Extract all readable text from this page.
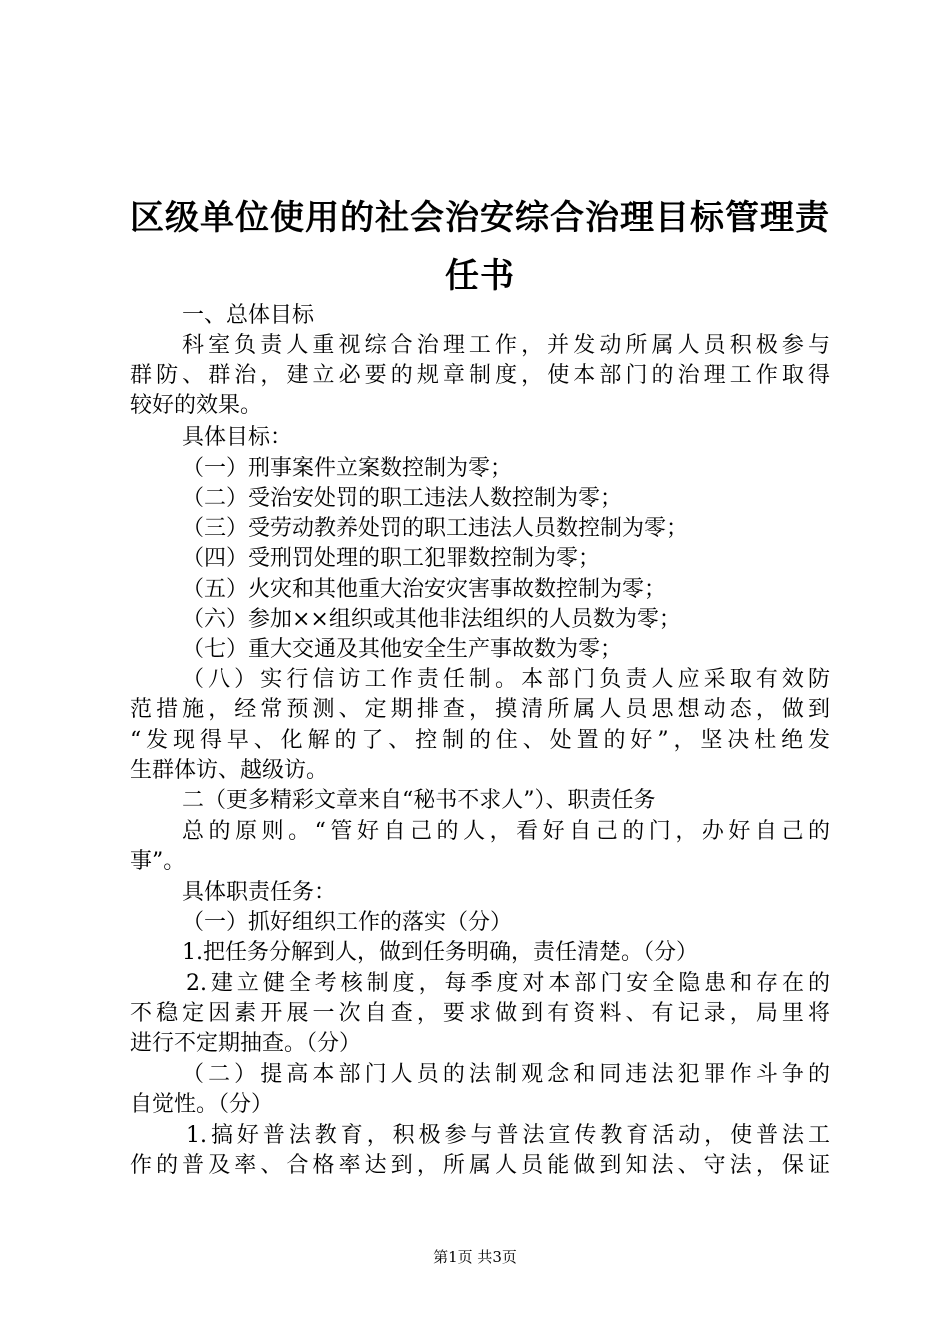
区级单位使用的社会治安综合治理目标管理责
任书

一、总体目标

科室负责人重视综合治理工作，并发动所属人员积极参与

群防、群治，建立必要的规章制度，使本部门的治理工作取得

较好的效果。

具体目标：

（一）刑事案件立案数控制为零；

（二）受治安处罚的职工违法人数控制为零；

（三）受劳动教养处罚的职工违法人员数控制为零；

（四）受刑罚处理的职工犯罪数控制为零；

（五）火灾和其他重大治安灾害事故数控制为零；

（六）参加××组织或其他非法组织的人员数为零；

（七）重大交通及其他安全生产事故数为零；

（八）实行信访工作责任制。本部门负责人应采取有效防

范措施，经常预测、定期排查，摸清所属人员思想动态，做到

“发现得早、化解的了、控制的住、处置的好”，坚决杜绝发

生群体访、越级访。

二（更多精彩文章来自“秘书不求人”）、职责任务

总的原则。“管好自己的人，看好自己的门，办好自己的

事”。

具体职责任务：

（一）抓好组织工作的落实（分）

1.把任务分解到人，做到任务明确，责任清楚。（分）

2.建立健全考核制度，每季度对本部门安全隐患和存在的

不稳定因素开展一次自查，要求做到有资料、有记录，局里将

进行不定期抽查。（分）

（二）提高本部门人员的法制观念和同违法犯罪作斗争的

自觉性。（分）

1.搞好普法教育，积极参与普法宣传教育活动，使普法工

作的普及率、合格率达到，所属人员能做到知法、守法，保证

第1页 共3页
